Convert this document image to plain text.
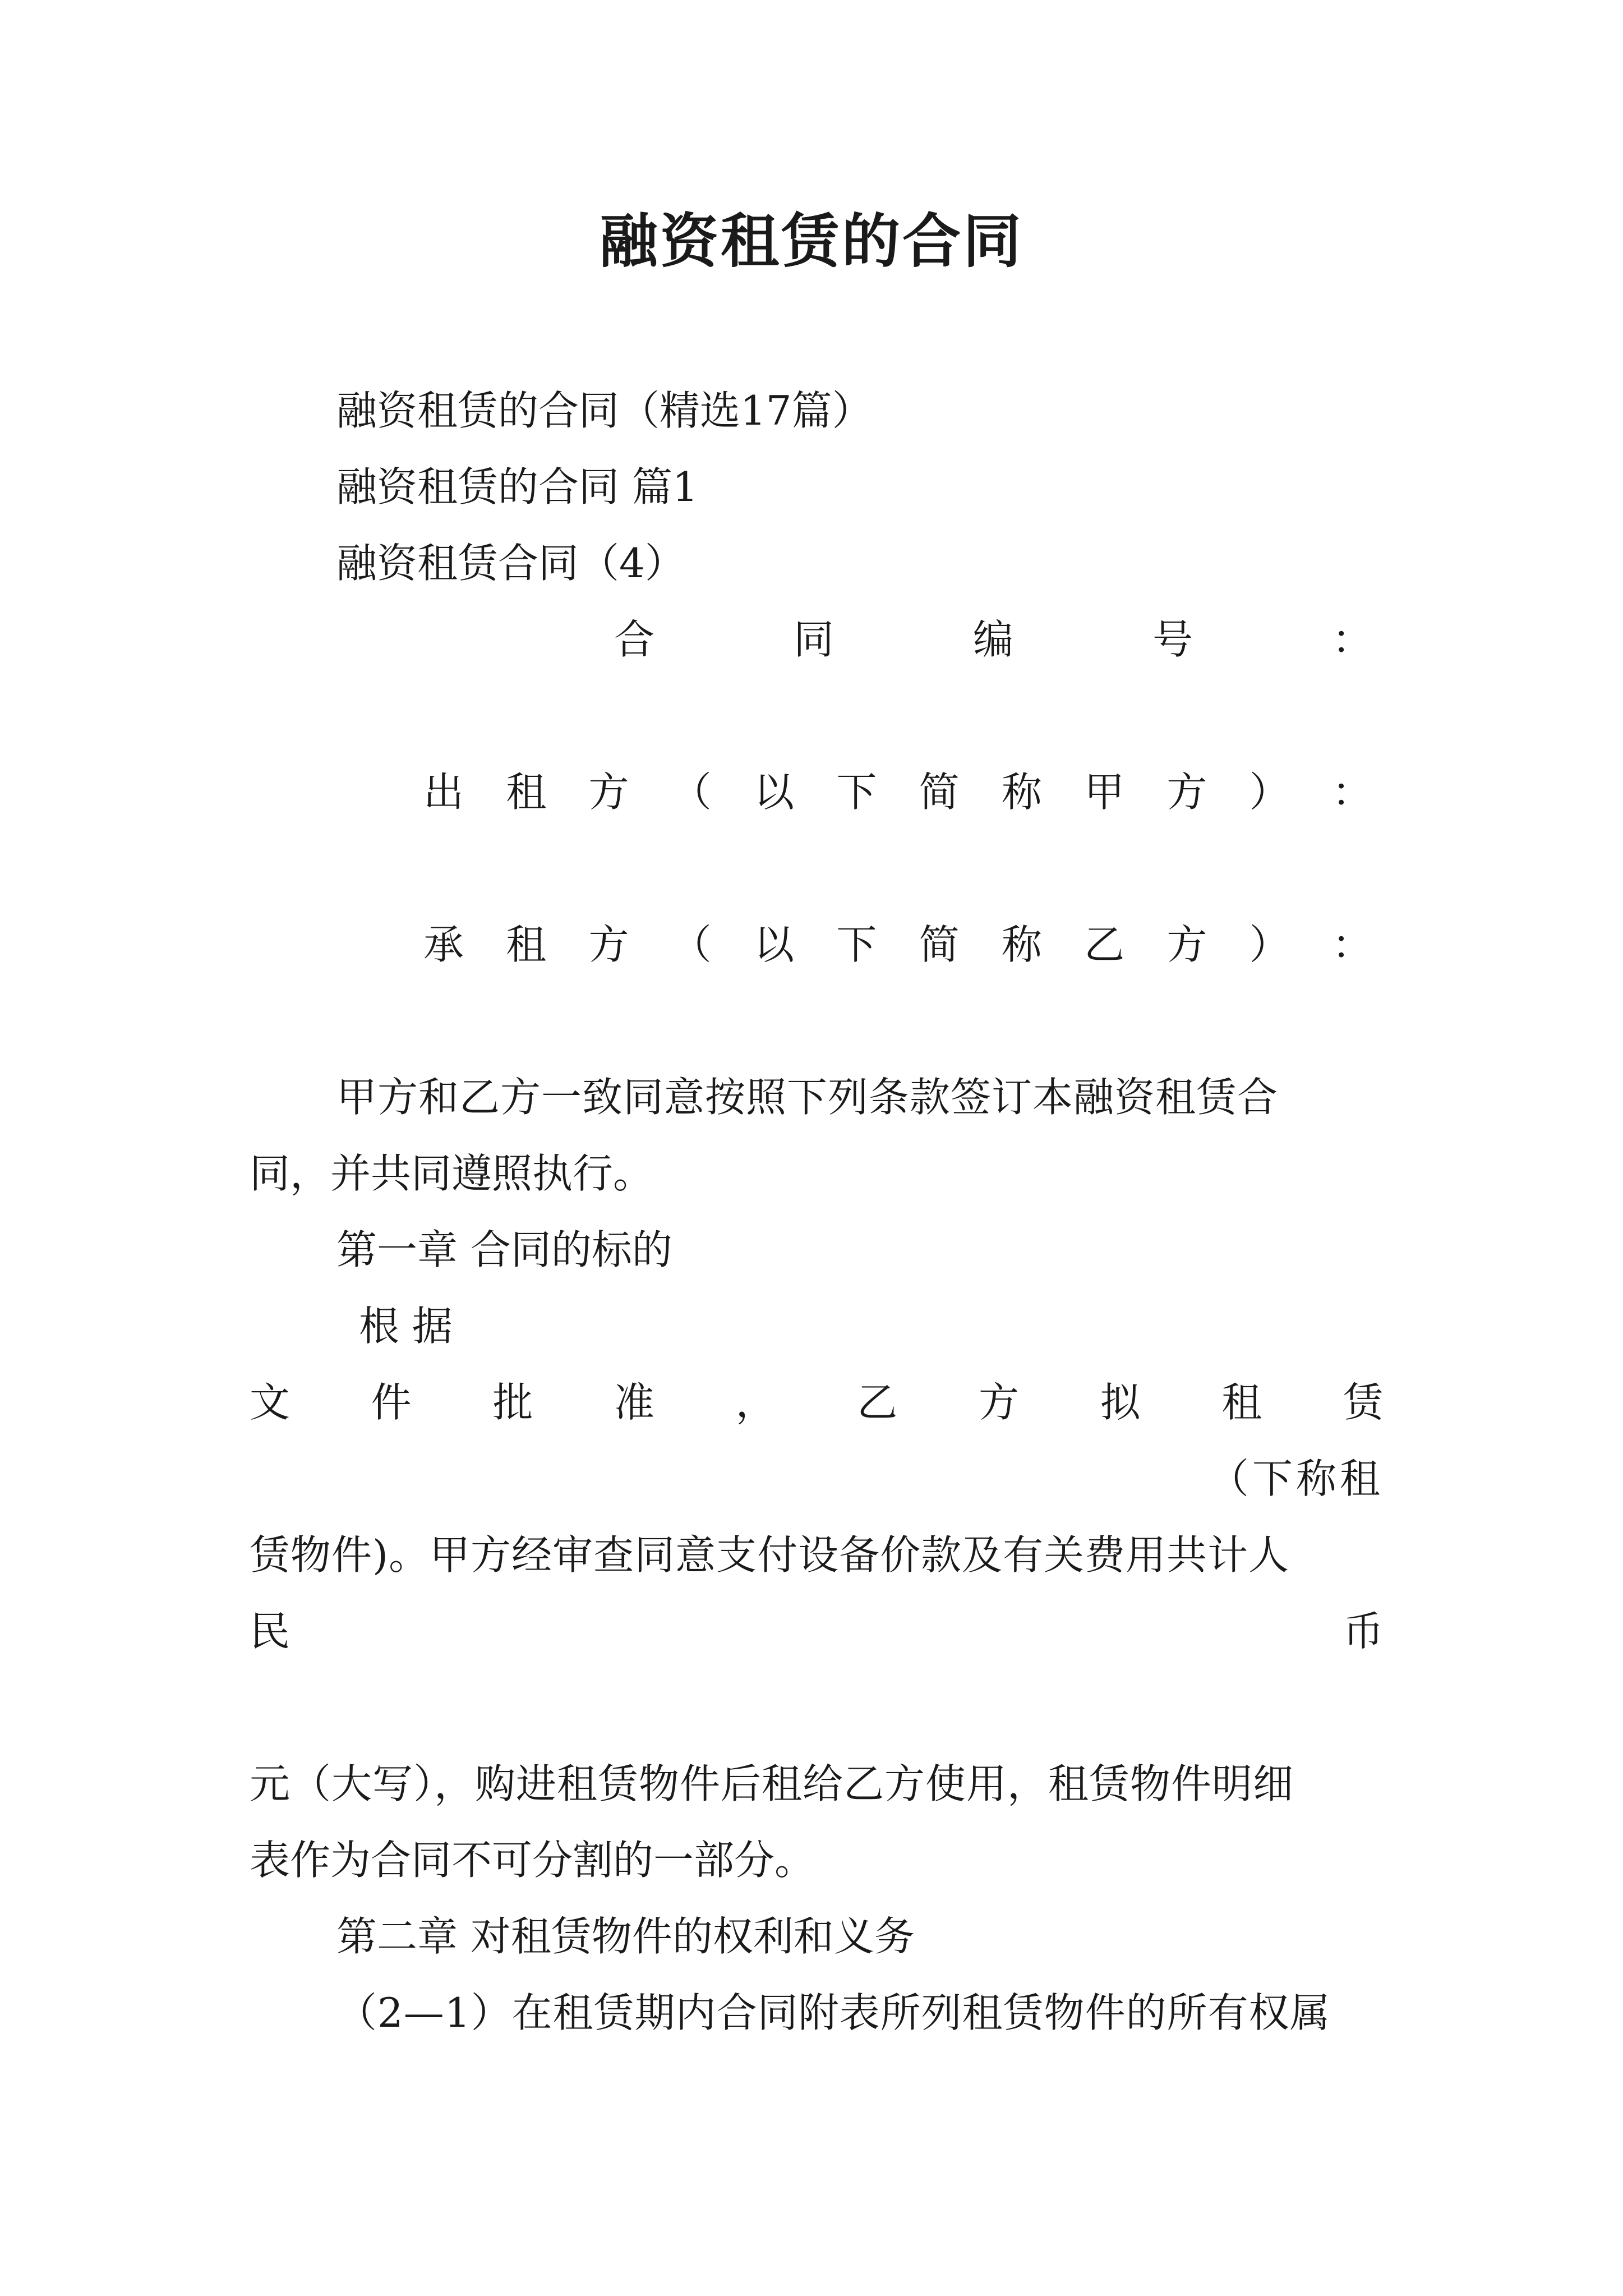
融资租赁的合同
融资租赁的合同（精选17篇）
融资租赁的合同 篇1
融资租赁合同（4）
合	同	编	号	：
出 租 方 （ 以 下 简 称 甲 方 ） ：
承 租 方 （ 以 下 简 称 乙 方 ） ：
甲方和乙方一致同意按照下列条款签订本融资租赁合
同，并共同遵照执行。
第一章 合同的标的
根 据
文 件 批 准 ， 乙 方 拟 租 赁
（下称租
赁物件)。甲方经审查同意支付设备价款及有关费用共计人
民	币
元（大写），购进租赁物件后租给乙方使用，租赁物件明细
表作为合同不可分割的一部分。
第二章 对租赁物件的权利和义务
（2—1）在租赁期内合同附表所列租赁物件的所有权属
